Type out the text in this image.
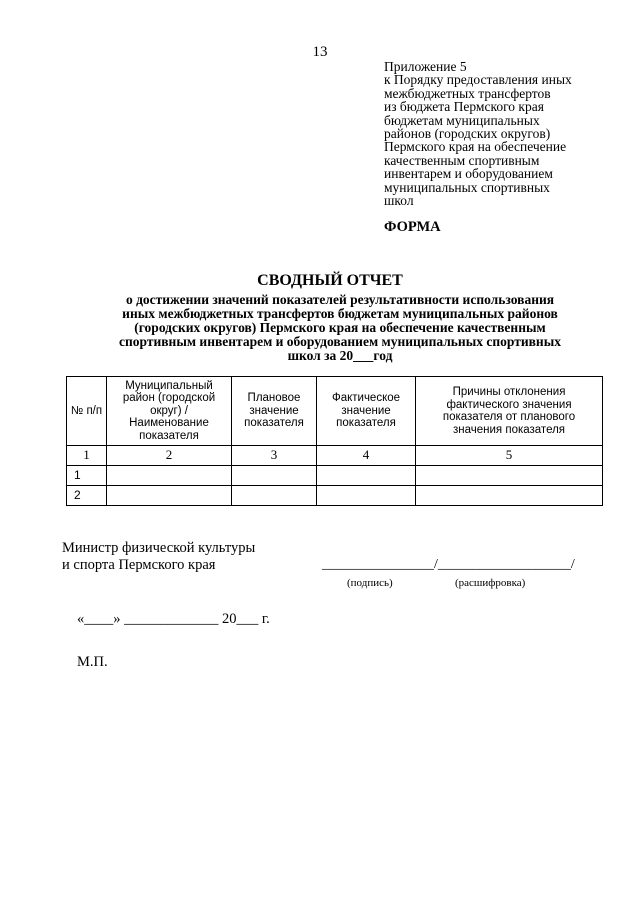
13
Приложение 5
к Порядку предоставления иных
межбюджетных трансфертов
из бюджета Пермского края
бюджетам муниципальных
районов (городских округов)
Пермского края на обеспечение
качественным спортивным
инвентарем и оборудованием
муниципальных спортивных
школ
ФОРМА
СВОДНЫЙ ОТЧЕТ
о достижении значений показателей результативности использования
иных межбюджетных трансфертов бюджетам муниципальных районов
(городских округов) Пермского края на обеспечение качественным
спортивным инвентарем и оборудованием муниципальных спортивных
школ за 20___год
№ п/п	Муниципальный район (городской округ) / Наименование показателя	Плановое значение показателя	Фактическое значение показателя	Причины отклонения фактического значения показателя от планового значения показателя
1	2	3	4	5
1				
2				
Министр физической культуры
и спорта Пермского края	________________/___________________/
(подпись)	(расшифровка)
«____» _____________ 20___ г.
М.П.
